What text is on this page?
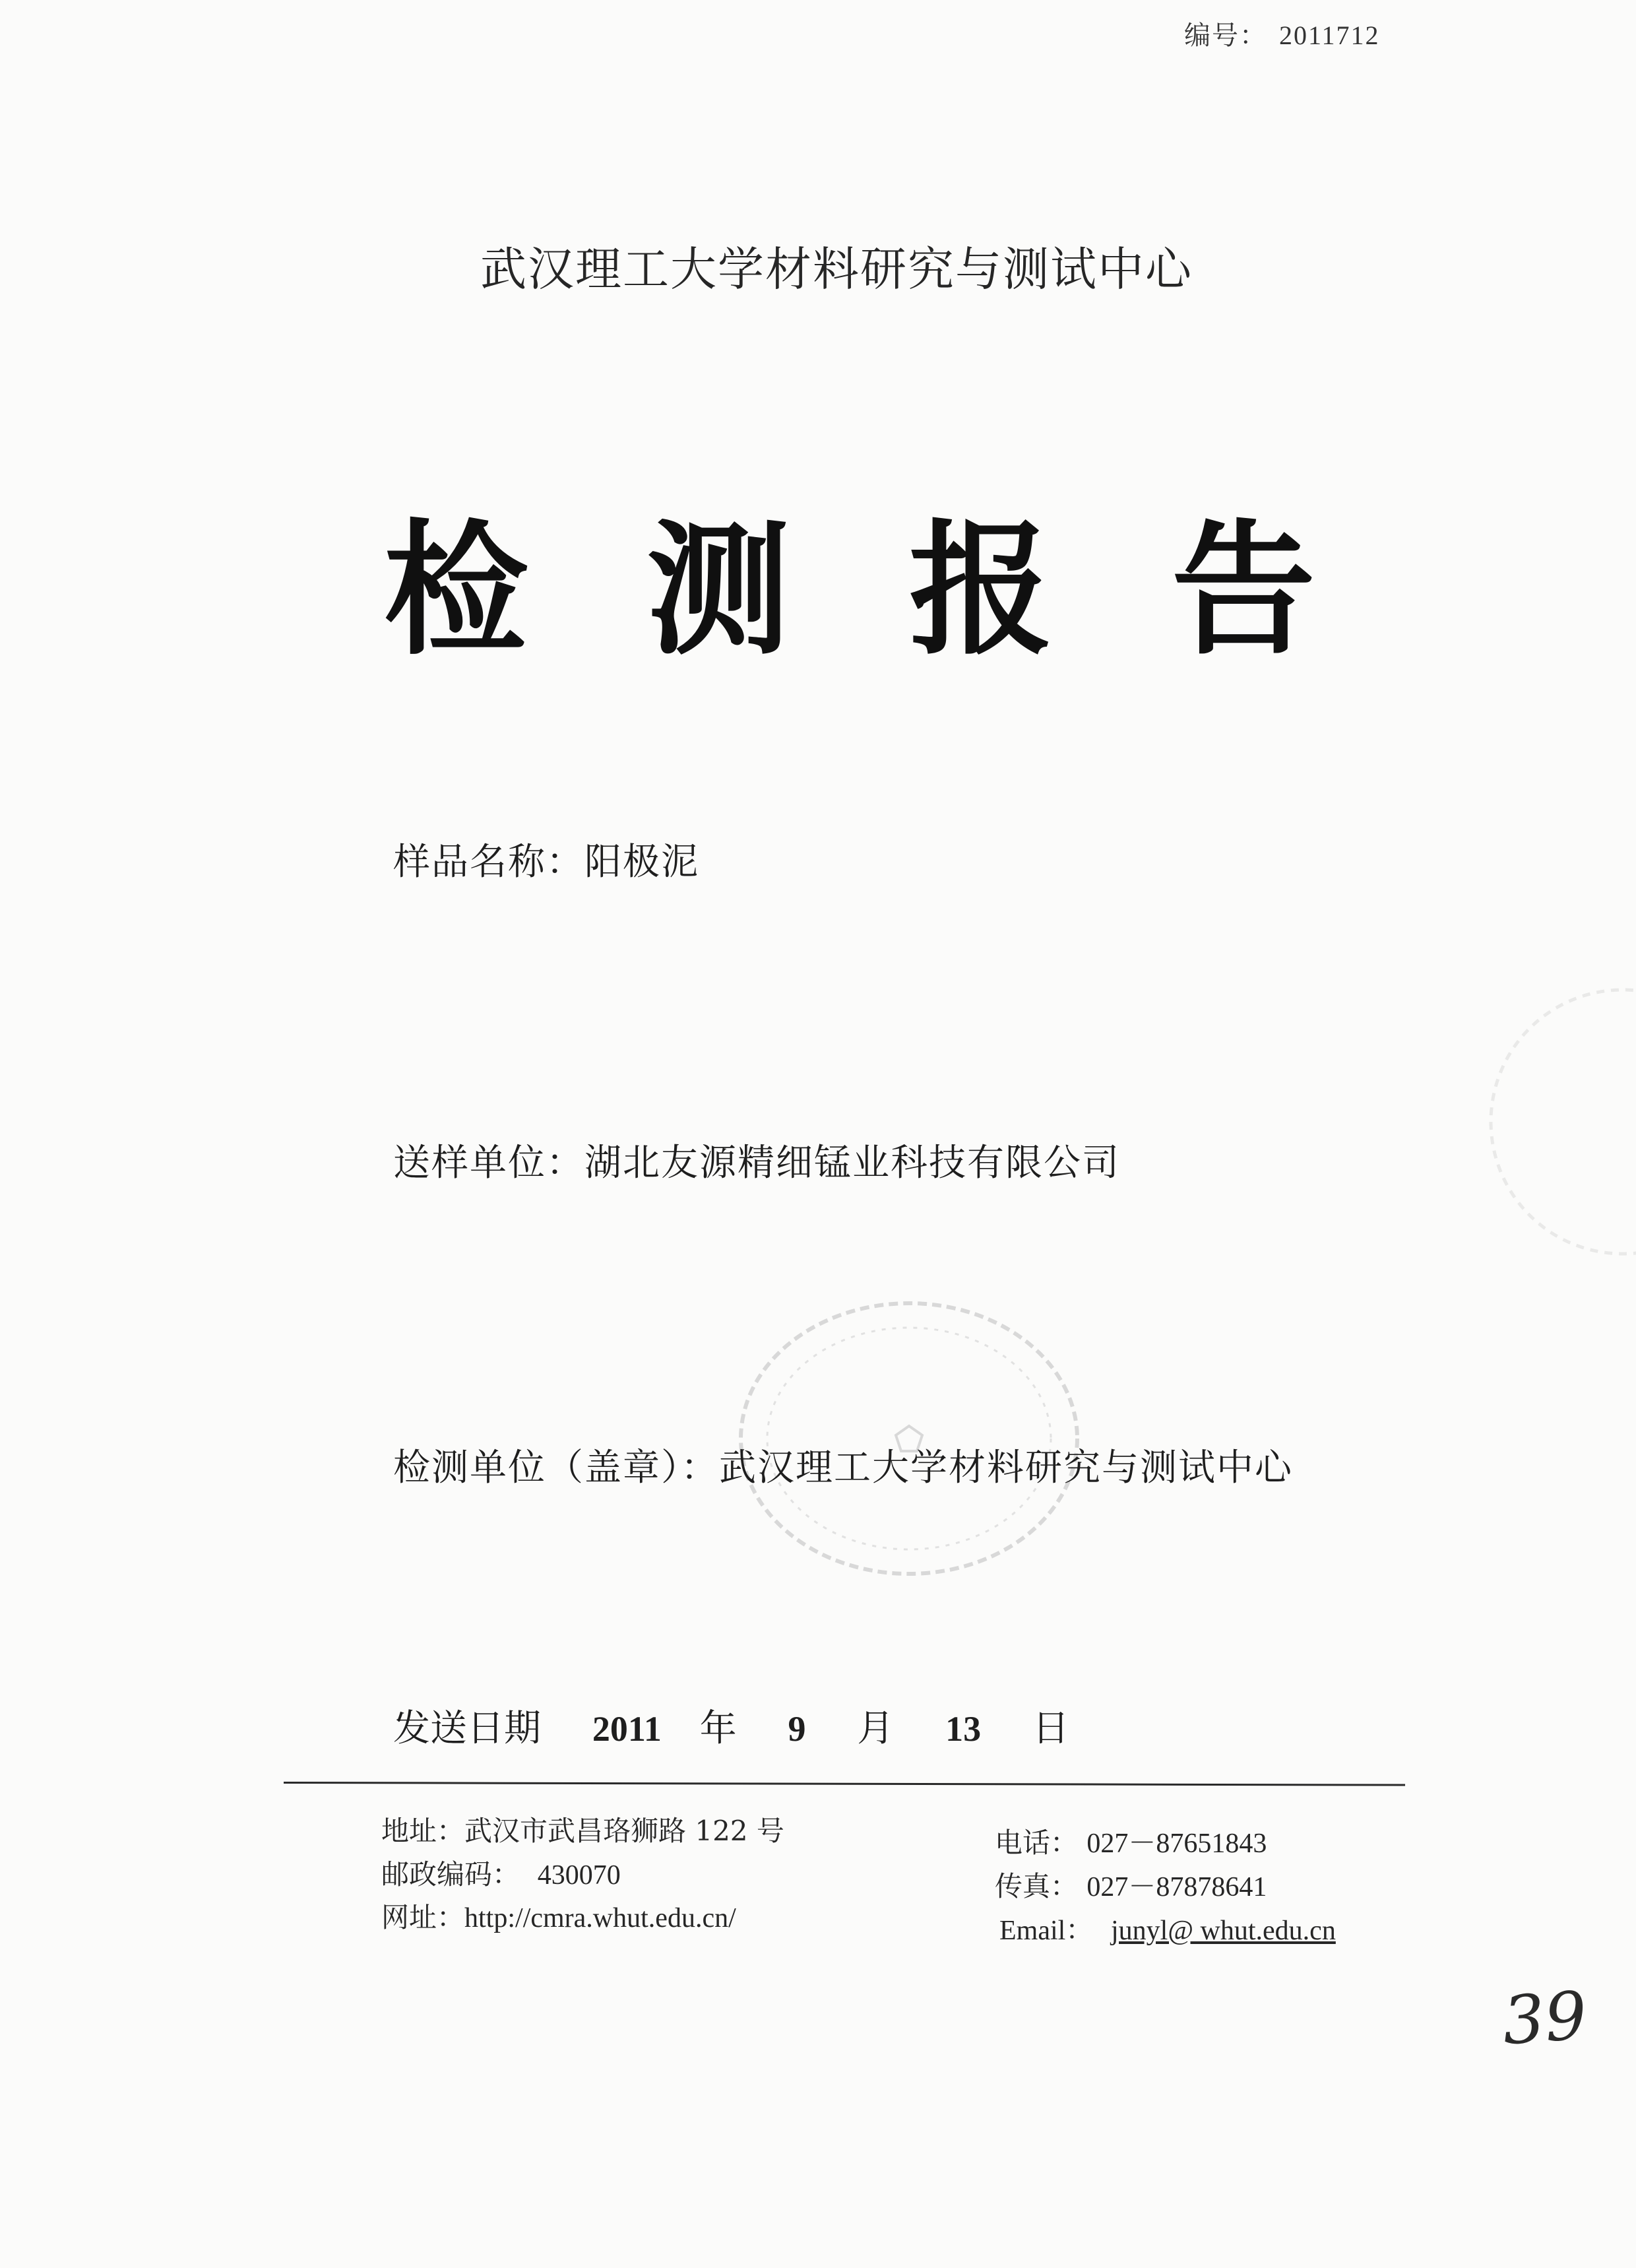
编号： 2011712
武汉理工大学材料研究与测试中心
检测报告
样品名称：阳极泥
送样单位：湖北友源精细锰业科技有限公司
检测单位（盖章）：武汉理工大学材料研究与测试中心
发送日期 2011 年 9 月 13 日
地址：武汉市武昌珞狮路 122 号
邮政编码： 430070
网址：http://cmra.whut.edu.cn/
电话： 027－87651843
传真： 027－87878641
Email： junyl@ whut.edu.cn
39
